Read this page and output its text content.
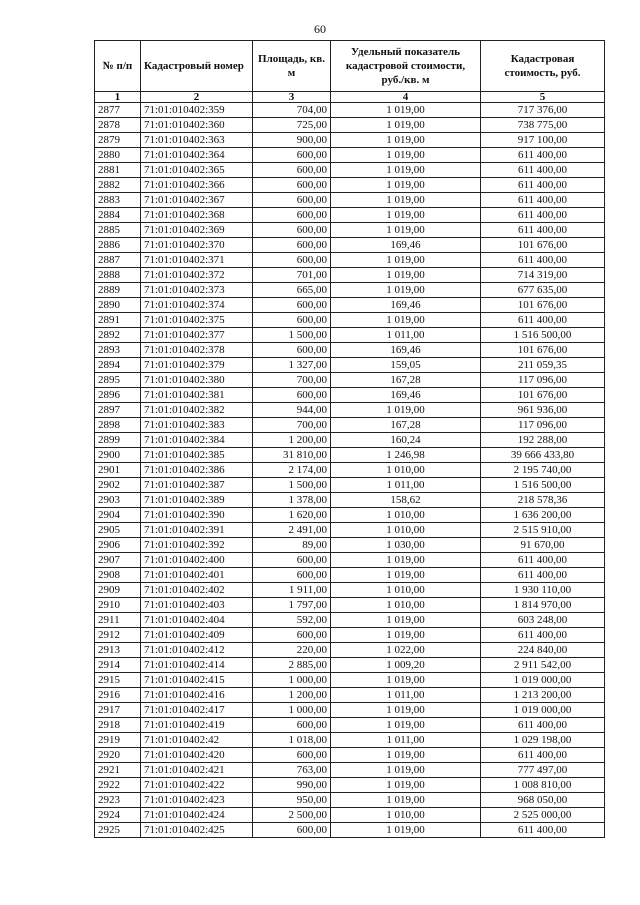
60
№ п/п	Кадастровый номер	Площадь, кв. м	Удельный показатель кадастровой стоимости, руб./кв. м	Кадастровая стоимость, руб.
1	2	3	4	5
2877	71:01:010402:359	704,00	1 019,00	717 376,00
2878	71:01:010402:360	725,00	1 019,00	738 775,00
2879	71:01:010402:363	900,00	1 019,00	917 100,00
2880	71:01:010402:364	600,00	1 019,00	611 400,00
2881	71:01:010402:365	600,00	1 019,00	611 400,00
2882	71:01:010402:366	600,00	1 019,00	611 400,00
2883	71:01:010402:367	600,00	1 019,00	611 400,00
2884	71:01:010402:368	600,00	1 019,00	611 400,00
2885	71:01:010402:369	600,00	1 019,00	611 400,00
2886	71:01:010402:370	600,00	169,46	101 676,00
2887	71:01:010402:371	600,00	1 019,00	611 400,00
2888	71:01:010402:372	701,00	1 019,00	714 319,00
2889	71:01:010402:373	665,00	1 019,00	677 635,00
2890	71:01:010402:374	600,00	169,46	101 676,00
2891	71:01:010402:375	600,00	1 019,00	611 400,00
2892	71:01:010402:377	1 500,00	1 011,00	1 516 500,00
2893	71:01:010402:378	600,00	169,46	101 676,00
2894	71:01:010402:379	1 327,00	159,05	211 059,35
2895	71:01:010402:380	700,00	167,28	117 096,00
2896	71:01:010402:381	600,00	169,46	101 676,00
2897	71:01:010402:382	944,00	1 019,00	961 936,00
2898	71:01:010402:383	700,00	167,28	117 096,00
2899	71:01:010402:384	1 200,00	160,24	192 288,00
2900	71:01:010402:385	31 810,00	1 246,98	39 666 433,80
2901	71:01:010402:386	2 174,00	1 010,00	2 195 740,00
2902	71:01:010402:387	1 500,00	1 011,00	1 516 500,00
2903	71:01:010402:389	1 378,00	158,62	218 578,36
2904	71:01:010402:390	1 620,00	1 010,00	1 636 200,00
2905	71:01:010402:391	2 491,00	1 010,00	2 515 910,00
2906	71:01:010402:392	89,00	1 030,00	91 670,00
2907	71:01:010402:400	600,00	1 019,00	611 400,00
2908	71:01:010402:401	600,00	1 019,00	611 400,00
2909	71:01:010402:402	1 911,00	1 010,00	1 930 110,00
2910	71:01:010402:403	1 797,00	1 010,00	1 814 970,00
2911	71:01:010402:404	592,00	1 019,00	603 248,00
2912	71:01:010402:409	600,00	1 019,00	611 400,00
2913	71:01:010402:412	220,00	1 022,00	224 840,00
2914	71:01:010402:414	2 885,00	1 009,20	2 911 542,00
2915	71:01:010402:415	1 000,00	1 019,00	1 019 000,00
2916	71:01:010402:416	1 200,00	1 011,00	1 213 200,00
2917	71:01:010402:417	1 000,00	1 019,00	1 019 000,00
2918	71:01:010402:419	600,00	1 019,00	611 400,00
2919	71:01:010402:42	1 018,00	1 011,00	1 029 198,00
2920	71:01:010402:420	600,00	1 019,00	611 400,00
2921	71:01:010402:421	763,00	1 019,00	777 497,00
2922	71:01:010402:422	990,00	1 019,00	1 008 810,00
2923	71:01:010402:423	950,00	1 019,00	968 050,00
2924	71:01:010402:424	2 500,00	1 010,00	2 525 000,00
2925	71:01:010402:425	600,00	1 019,00	611 400,00
